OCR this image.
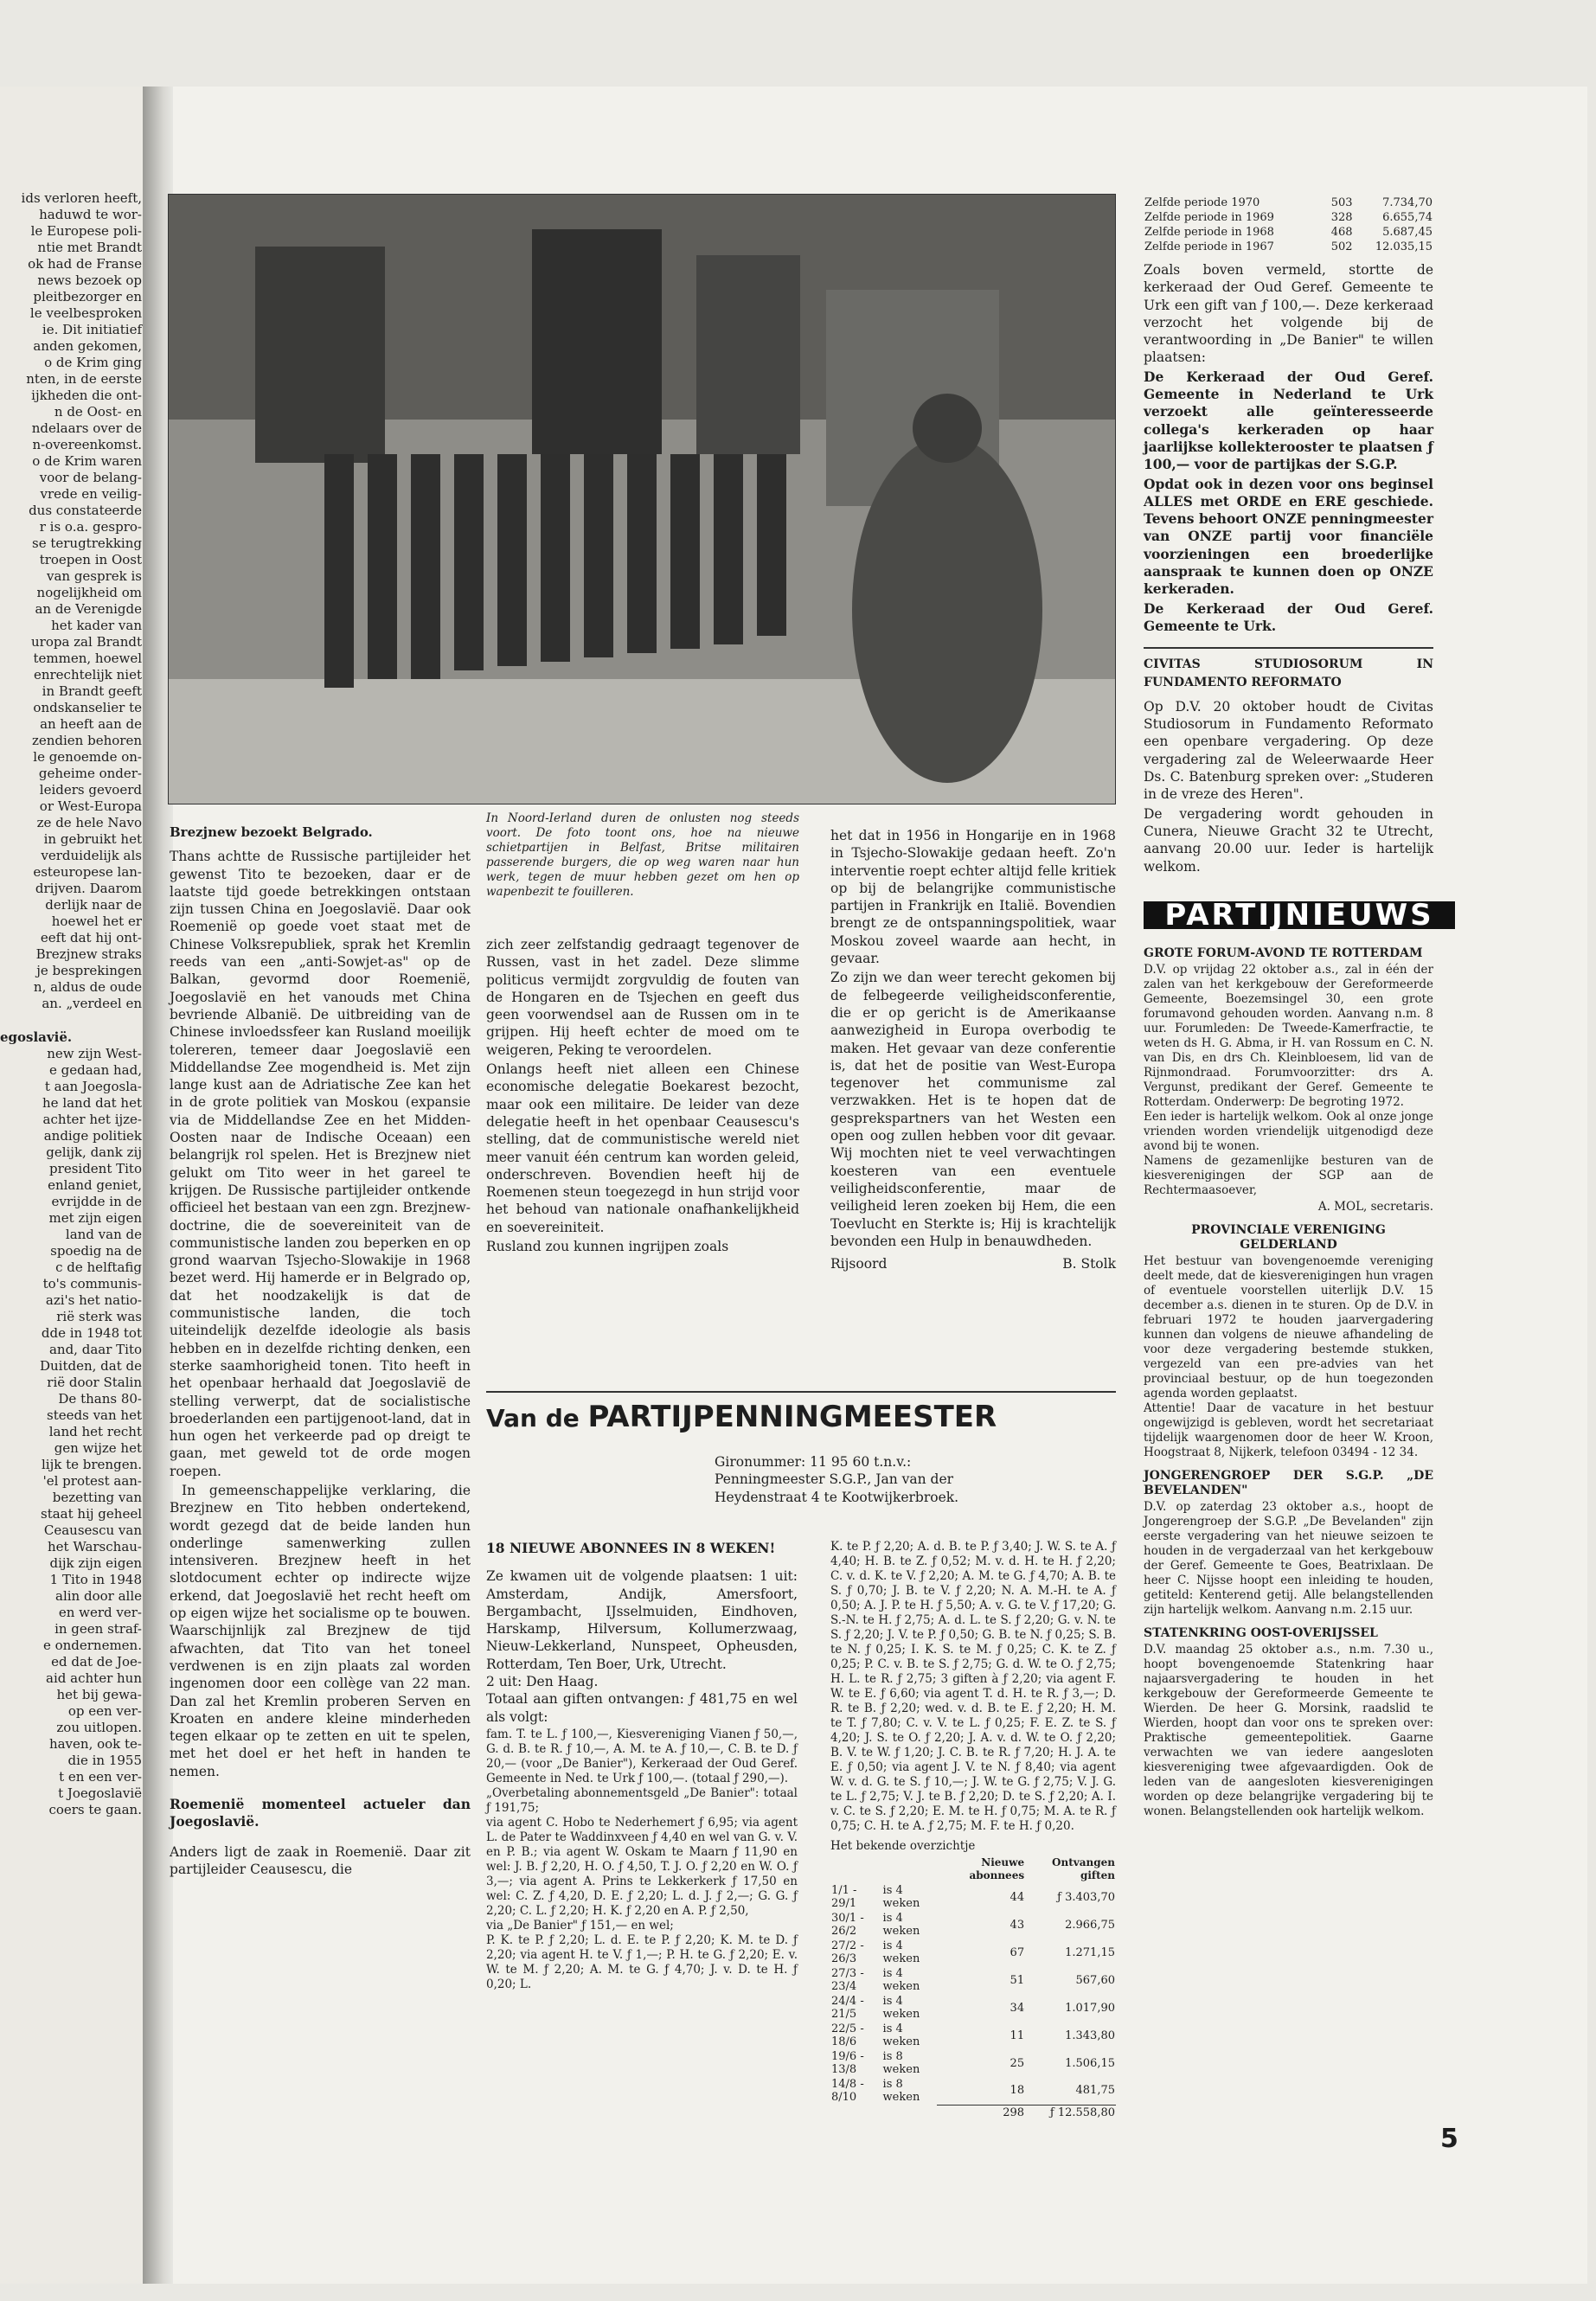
ids verloren heeft,
haduwd te wor-
le Europese poli-
ntie met Brandt
ok had de Franse
news bezoek op
pleitbezorger en
le veelbesproken
ie. Dit initiatief
anden gekomen,
o de Krim ging
nten, in de eerste
ijkheden die ont-
n de Oost- en
ndelaars over de
n-overeenkomst.
o de Krim waren
voor de belang-
vrede en veilig-
dus constateerde
r is o.a. gespro-
se terugtrekking
troepen in Oost
van gesprek is
nogelijkheid om
an de Verenigde
het kader van
uropa zal Brandt
temmen, hoewel
enrechtelijk niet
in Brandt geeft
ondskanselier te
an heeft aan de
zendien behoren
le genoemde on-
geheime onder-
leiders gevoerd
or West-Europa
ze de hele Navo
in gebruikt het
verduidelijk als
esteuropese lan-
drijven. Daarom
derlijk naar de
hoewel het er
eeft dat hij ont-
Brezjnew straks
je besprekingen
n, aldus de oude
an. „verdeel en
egoslavië.
new zijn West-
e gedaan had,
t aan Joegosla-
he land dat het
achter het ijze-
andige politiek
gelijk, dank zij
president Tito
enland geniet,
evrijdde in de
met zijn eigen
land van de
spoedig na de
c de helftafig
to's communis-
azi's het natio-
rië sterk was
dde in 1948 tot
and, daar Tito
Duitden, dat de
rië door Stalin
De thans 80-
steeds van het
land het recht
gen wijze het
lijk te brengen.
'el protest aan-
bezetting van
staat hij geheel
Ceausescu van
het Warschau-
dijk zijn eigen
1 Tito in 1948
alin door alle
en werd ver-
in geen straf-
e ondernemen.
ed dat de Joe-
aid achter hun
het bij gewa-
op een ver-
zou uitlopen.
haven, ook te-
die in 1955
t en een ver-
t Joegoslavië
coers te gaan.
Brezjnew bezoekt Belgrado.

Thans achtte de Russische partijleider het gewenst Tito te bezoeken, daar er de laatste tijd goede betrekkingen ontstaan zijn tussen China en Joegoslavië. Daar ook Roemenië op goede voet staat met de Chinese Volksrepubliek, sprak het Kremlin reeds van een „anti-Sowjet-as" op de Balkan, gevormd door Roemenië, Joegoslavië en het vanouds met China bevriende Albanië. De uitbreiding van de Chinese invloedssfeer kan Rusland moeilijk tolereren, temeer daar Joegoslavië een Middellandse Zee mogendheid is. Met zijn lange kust aan de Adriatische Zee kan het in de grote politiek van Moskou (expansie via de Middellandse Zee en het Midden-Oosten naar de Indische Oceaan) een belangrijk rol spelen. Het is Brezjnew niet gelukt om Tito weer in het gareel te krijgen. De Russische partijleider ontkende officieel het bestaan van een zgn. Brezjnew-doctrine, die de soevereiniteit van de communistische landen zou beperken en op grond waarvan Tsjecho-Slowakije in 1968 bezet werd. Hij hamerde er in Belgrado op, dat het noodzakelijk is dat de communistische landen, die toch uiteindelijk dezelfde ideologie als basis hebben en in dezelfde richting denken, een sterke saamhorigheid tonen. Tito heeft in het openbaar herhaald dat Joegoslavië de stelling verwerpt, dat de socialistische broederlanden een partijgenoot-land, dat in hun ogen het verkeerde pad op dreigt te gaan, met geweld tot de orde mogen roepen.

In gemeenschappelijke verklaring, die Brezjnew en Tito hebben ondertekend, wordt gezegd dat de beide landen hun onderlinge samenwerking zullen intensiveren. Brezjnew heeft in het slotdocument echter op indirecte wijze erkend, dat Joegoslavië het recht heeft om op eigen wijze het socialisme op te bouwen. Waarschijnlijk zal Brezjnew de tijd afwachten, dat Tito van het toneel verdwenen is en zijn plaats zal worden ingenomen door een collège van 22 man. Dan zal het Kremlin proberen Serven en Kroaten en andere kleine minderheden tegen elkaar op te zetten en uit te spelen, met het doel er het heft in handen te nemen.

Roemenië momenteel actueler dan Joegoslavië.

Anders ligt de zaak in Roemenië. Daar zit partijleider Ceausescu, die

In Noord-Ierland duren de onlusten nog steeds voort. De foto toont ons, hoe na nieuwe schietpartijen in Belfast, Britse militairen passerende burgers, die op weg waren naar hun werk, tegen de muur hebben gezet om hen op wapenbezit te fouilleren.

zich zeer zelfstandig gedraagt tegenover de Russen, vast in het zadel. Deze slimme politicus vermijdt zorgvuldig de fouten van de Hongaren en de Tsjechen en geeft dus geen voorwendsel aan de Russen om in te grijpen. Hij heeft echter de moed om te weigeren, Peking te veroordelen.

Onlangs heeft niet alleen een Chinese economische delegatie Boekarest bezocht, maar ook een militaire. De leider van deze delegatie heeft in het openbaar Ceausescu's stelling, dat de communistische wereld niet meer vanuit één centrum kan worden geleid, onderschreven. Bovendien heeft hij de Roemenen steun toegezegd in hun strijd voor het behoud van nationale onafhankelijkheid en soevereiniteit.

Rusland zou kunnen ingrijpen zoals

het dat in 1956 in Hongarije en in 1968 in Tsjecho-Slowakije gedaan heeft. Zo'n interventie roept echter altijd felle kritiek op bij de belangrijke communistische partijen in Frankrijk en Italië. Bovendien brengt ze de ontspanningspolitiek, waar Moskou zoveel waarde aan hecht, in gevaar.

Zo zijn we dan weer terecht gekomen bij de felbegeerde veiligheidsconferentie, die er op gericht is de Amerikaanse aanwezigheid in Europa overbodig te maken. Het gevaar van deze conferentie is, dat het de positie van West-Europa tegenover het communisme zal verzwakken. Het is te hopen dat de gesprekspartners van het Westen een open oog zullen hebben voor dit gevaar. Wij mochten niet te veel verwachtingen koesteren van een eventuele veiligheidsconferentie, maar de veiligheid leren zoeken bij Hem, die een Toevlucht en Sterkte is; Hij is krachtelijk bevonden een Hulp in benauwdheden.

Rijsoord	B. Stolk
Van de PARTIJPENNINGMEESTER
Gironummer: 11 95 60 t.n.v.: Penningmeester S.G.P., Jan van der Heydenstraat 4 te Kootwijkerbroek.

18 NIEUWE ABONNEES IN 8 WEKEN!

Ze kwamen uit de volgende plaatsen: 1 uit: Amsterdam, Andijk, Amersfoort, Bergambacht, IJsselmuiden, Eindhoven, Harskamp, Hilversum, Kollumerzwaag, Nieuw-Lekkerland, Nunspeet, Opheusden, Rotterdam, Ten Boer, Urk, Utrecht.
2 uit: Den Haag.
Totaal aan giften ontvangen: ƒ 481,75 en wel als volgt:

fam. T. te L. ƒ 100,—, Kiesvereniging Vianen ƒ 50,—, G. d. B. te R. ƒ 10,—, A. M. te A. ƒ 10,—, C. B. te D. ƒ 20,— (voor „De Banier"), Kerkeraad der Oud Geref. Gemeente in Ned. te Urk ƒ 100,—. (totaal ƒ 290,—).
„Overbetaling abonnementsgeld „De Banier": totaal ƒ 191,75;
via agent C. Hobo te Nederhemert ƒ 6,95; via agent L. de Pater te Waddinxveen ƒ 4,40 en wel van G. v. V. en P. B.; via agent W. Oskam te Maarn ƒ 11,90 en wel: J. B. ƒ 2,20, H. O. ƒ 4,50, T. J. O. ƒ 2,20 en W. O. ƒ 3,—; via agent A. Prins te Lekkerkerk ƒ 17,50 en wel: C. Z. ƒ 4,20, D. E. ƒ 2,20; L. d. J. ƒ 2,—; G. G. ƒ 2,20; C. L. ƒ 2,20; H. K. ƒ 2,20 en A. P. ƒ 2,50,
via „De Banier" ƒ 151,— en wel;
P. K. te P. ƒ 2,20; L. d. E. te P. ƒ 2,20; K. M. te D. ƒ 2,20; via agent H. te V. ƒ 1,—; P. H. te G. ƒ 2,20; E. v. W. te M. ƒ 2,20; A. M. te G. ƒ 4,70; J. v. D. te H. ƒ 0,20; L.

K. te P. ƒ 2,20; A. d. B. te P. ƒ 3,40; J. W. S. te A. ƒ 4,40; H. B. te Z. ƒ 0,52; M. v. d. H. te H. ƒ 2,20; C. v. d. K. te V. ƒ 2,20; A. M. te G. ƒ 4,70; A. B. te S. ƒ 0,70; J. B. te V. ƒ 2,20; N. A. M.-H. te A. ƒ 0,50; A. J. P. te H. ƒ 5,50; A. v. G. te V. ƒ 17,20; G. S.-N. te H. ƒ 2,75; A. d. L. te S. ƒ 2,20; G. v. N. te S. ƒ 2,20; J. V. te P. ƒ 0,50; G. B. te N. ƒ 0,25; S. B. te N. ƒ 0,25; I. K. S. te M. ƒ 0,25; C. K. te Z. ƒ 0,25; P. C. v. B. te S. ƒ 2,75; G. d. W. te O. ƒ 2,75; H. L. te R. ƒ 2,75; 3 giften à ƒ 2,20; via agent F. W. te E. ƒ 6,60; via agent T. d. H. te R. ƒ 3,—; D. R. te B. ƒ 2,20; wed. v. d. B. te E. ƒ 2,20; H. M. te T. ƒ 7,80; C. v. V. te L. ƒ 0,25; F. E. Z. te S. ƒ 4,20; J. S. te O. ƒ 2,20; J. A. v. d. W. te O. ƒ 2,20; B. V. te W. ƒ 1,20; J. C. B. te R. ƒ 7,20; H. J. A. te E. ƒ 0,50; via agent J. V. te N. ƒ 8,40; via agent W. v. d. G. te S. ƒ 10,—; J. W. te G. ƒ 2,75; V. J. G. te L. ƒ 2,75; V. J. te B. ƒ 2,20; D. te S. ƒ 2,20; A. I. v. C. te S. ƒ 2,20; E. M. te H. ƒ 0,75; M. A. te R. ƒ 0,75; C. H. te A. ƒ 2,75; M. F. te H. ƒ 0,20.

Het bekende overzichtje

		Nieuwe abonnees	Ontvangen giften
1/1 - 29/1	is 4 weken	44	ƒ 3.403,70
30/1 - 26/2	is 4 weken	43	2.966,75
27/2 - 26/3	is 4 weken	67	1.271,15
27/3 - 23/4	is 4 weken	51	567,60
24/4 - 21/5	is 4 weken	34	1.017,90
22/5 - 18/6	is 4 weken	11	1.343,80
19/6 - 13/8	is 8 weken	25	1.506,15
14/8 - 8/10	is 8 weken	18	481,75
		298	ƒ 12.558,80
Zelfde periode 1970	503	7.734,70
Zelfde periode in 1969	328	6.655,74
Zelfde periode in 1968	468	5.687,45
Zelfde periode in 1967	502	12.035,15

Zoals boven vermeld, stortte de kerkeraad der Oud Geref. Gemeente te Urk een gift van ƒ 100,—. Deze kerkeraad verzocht het volgende bij de verantwoording in „De Banier" te willen plaatsen:

De Kerkeraad der Oud Geref. Gemeente in Nederland te Urk verzoekt alle geïnteresseerde collega's kerkeraden op haar jaarlijkse kollekterooster te plaatsen ƒ 100,— voor de partijkas der S.G.P.

Opdat ook in dezen voor ons beginsel ALLES met ORDE en ERE geschiede. Tevens behoort ONZE penningmeester van ONZE partij voor financiële voorzieningen een broederlijke aanspraak te kunnen doen op ONZE kerkeraden.

De Kerkeraad der Oud Geref. Gemeente te Urk.

CIVITAS STUDIOSORUM IN FUNDAMENTO REFORMATO

Op D.V. 20 oktober houdt de Civitas Studiosorum in Fundamento Reformato een openbare vergadering. Op deze vergadering zal de Weleerwaarde Heer Ds. C. Batenburg spreken over: „Studeren in de vreze des Heren".

De vergadering wordt gehouden in Cunera, Nieuwe Gracht 32 te Utrecht, aanvang 20.00 uur. Ieder is hartelijk welkom.

PARTIJNIEUWS

GROTE FORUM-AVOND TE ROTTERDAM

D.V. op vrijdag 22 oktober a.s., zal in één der zalen van het kerkgebouw der Gereformeerde Gemeente, Boezemsingel 30, een grote forumavond gehouden worden. Aanvang n.m. 8 uur. Forumleden: De Tweede-Kamerfractie, te weten ds H. G. Abma, ir H. van Rossum en C. N. van Dis, en drs Ch. Kleinbloesem, lid van de Rijnmondraad. Forumvoorzitter: drs A. Vergunst, predikant der Geref. Gemeente te Rotterdam. Onderwerp: De begroting 1972.
Een ieder is hartelijk welkom. Ook al onze jonge vrienden worden vriendelijk uitgenodigd deze avond bij te wonen.
Namens de gezamenlijke besturen van de kiesverenigingen der SGP aan de Rechtermaasoever,

A. MOL, secretaris.

PROVINCIALE VERENIGING GELDERLAND

Het bestuur van bovengenoemde vereniging deelt mede, dat de kiesverenigingen hun vragen of eventuele voorstellen uiterlijk D.V. 15 december a.s. dienen in te sturen. Op de D.V. in februari 1972 te houden jaarvergadering kunnen dan volgens de nieuwe afhandeling de voor deze vergadering bestemde stukken, vergezeld van een pre-advies van het provinciaal bestuur, op de hun toegezonden agenda worden geplaatst.
Attentie! Daar de vacature in het bestuur ongewijzigd is gebleven, wordt het secretariaat tijdelijk waargenomen door de heer W. Kroon, Hoogstraat 8, Nijkerk, telefoon 03494 - 12 34.

JONGERENGROEP DER S.G.P. „DE BEVELANDEN"

D.V. op zaterdag 23 oktober a.s., hoopt de Jongerengroep der S.G.P. „De Bevelanden" zijn eerste vergadering van het nieuwe seizoen te houden in de vergaderzaal van het kerkgebouw der Geref. Gemeente te Goes, Beatrixlaan. De heer C. Nijsse hoopt een inleiding te houden, getiteld: Kenterend getij. Alle belangstellenden zijn hartelijk welkom. Aanvang n.m. 2.15 uur.

STATENKRING OOST-OVERIJSSEL

D.V. maandag 25 oktober a.s., n.m. 7.30 u., hoopt bovengenoemde Statenkring haar najaarsvergadering te houden in het kerkgebouw der Gereformeerde Gemeente te Wierden. De heer G. Morsink, raadslid te Wierden, hoopt dan voor ons te spreken over: Praktische gemeentepolitiek. Gaarne verwachten we van iedere aangesloten kiesvereniging twee afgevaardigden. Ook de leden van de aangesloten kiesverenigingen worden op deze belangrijke vergadering bij te wonen. Belangstellenden ook hartelijk welkom.

5
